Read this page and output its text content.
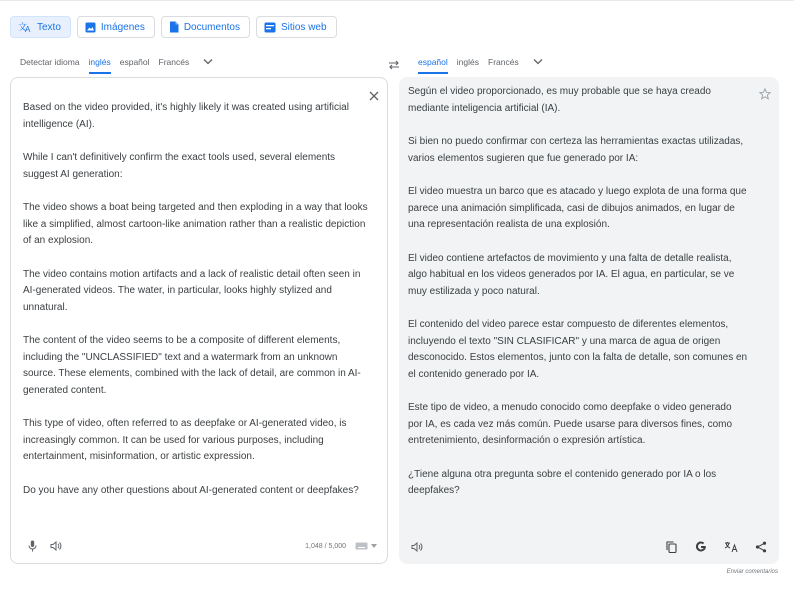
文
A Texto	Imágenes	Documentos	Sitios web
Detectar idioma inglés español Francés	español inglés Francés

Based on the video provided, it's highly likely it was created using artificial intelligence (AI).

While I can't definitively confirm the exact tools used, several elements suggest AI generation:

The video shows a boat being targeted and then exploding in a way that looks like a simplified, almost cartoon-like animation rather than a realistic depiction of an explosion.

The video contains motion artifacts and a lack of realistic detail often seen in AI-generated videos. The water, in particular, looks highly stylized and unnatural.

The content of the video seems to be a composite of different elements, including the "UNCLASSIFIED" text and a watermark from an unknown source. These elements, combined with the lack of detail, are common in AI-generated content.

This type of video, often referred to as deepfake or AI-generated video, is increasingly common. It can be used for various purposes, including entertainment, misinformation, or artistic expression.

Do you have any other questions about AI-generated content or deepfakes?

1,048 / 5,000

Según el video proporcionado, es muy probable que se haya creado mediante inteligencia artificial (IA).

Si bien no puedo confirmar con certeza las herramientas exactas utilizadas, varios elementos sugieren que fue generado por IA:

El video muestra un barco que es atacado y luego explota de una forma que parece una animación simplificada, casi de dibujos animados, en lugar de una representación realista de una explosión.

El video contiene artefactos de movimiento y una falta de detalle realista, algo habitual en los videos generados por IA. El agua, en particular, se ve muy estilizada y poco natural.

El contenido del video parece estar compuesto de diferentes elementos, incluyendo el texto "SIN CLASIFICAR" y una marca de agua de origen desconocido. Estos elementos, junto con la falta de detalle, son comunes en el contenido generado por IA.

Este tipo de video, a menudo conocido como deepfake o video generado por IA, es cada vez más común. Puede usarse para diversos fines, como entretenimiento, desinformación o expresión artística.

¿Tiene alguna otra pregunta sobre el contenido generado por IA o los deepfakes?

Enviar comentarios
